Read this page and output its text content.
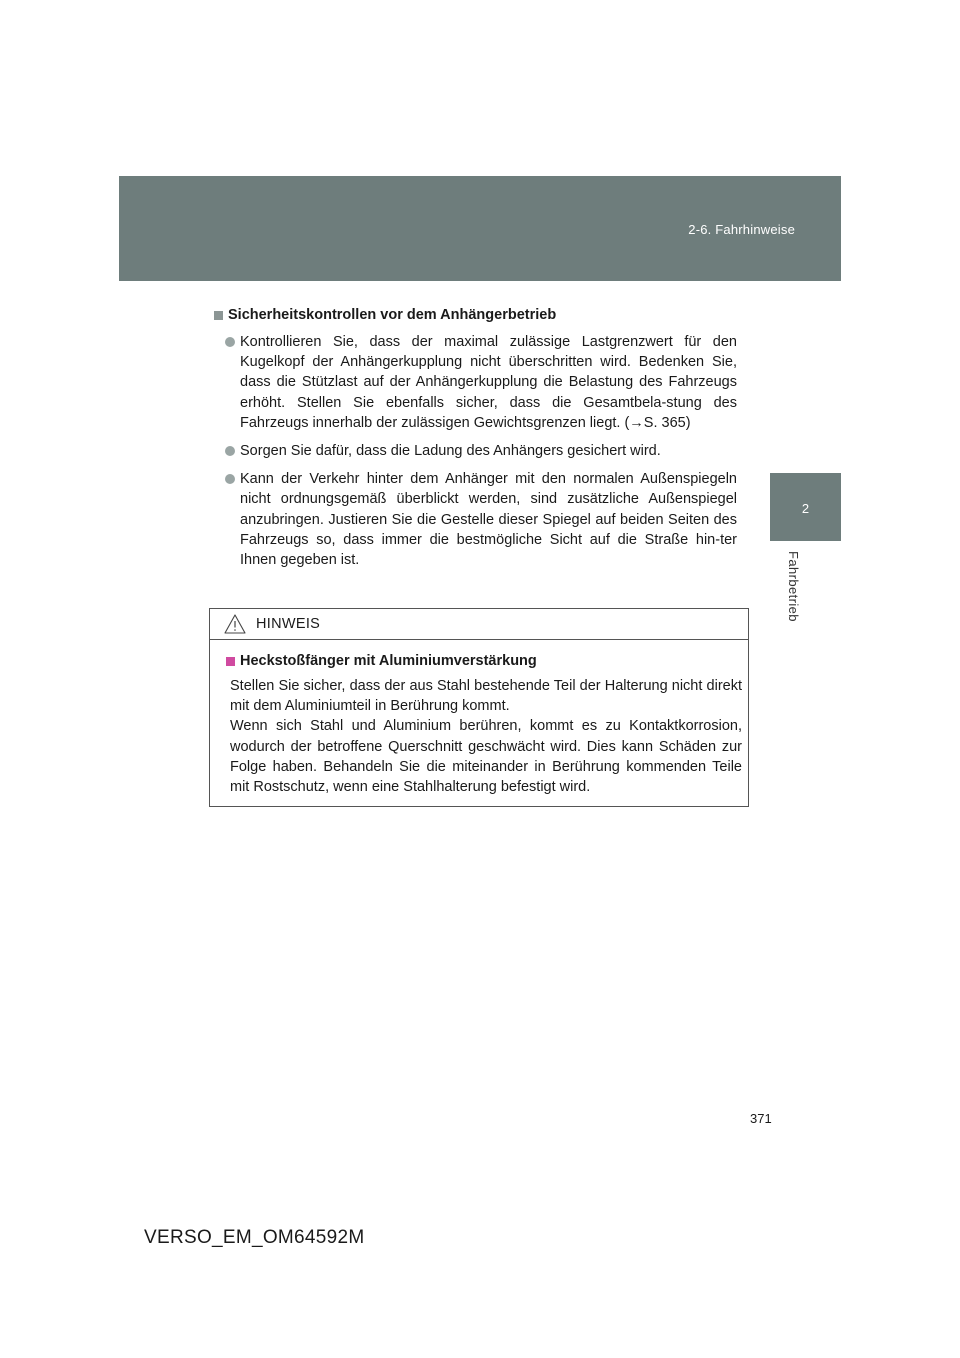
2-6. Fahrhinweise
2
Fahrbetrieb
Sicherheitskontrollen vor dem Anhängerbetrieb
Kontrollieren Sie, dass der maximal zulässige Lastgrenzwert für den Kugelkopf der Anhängerkupplung nicht überschritten wird. Bedenken Sie, dass die Stützlast auf der Anhängerkupplung die Belastung des Fahrzeugs erhöht. Stellen Sie ebenfalls sicher, dass die Gesamtbela-stung des Fahrzeugs innerhalb der zulässigen Gewichtsgrenzen liegt. (→S. 365)
Sorgen Sie dafür, dass die Ladung des Anhängers gesichert wird.
Kann der Verkehr hinter dem Anhänger mit den normalen Außenspiegeln nicht ordnungsgemäß überblickt werden, sind zusätzliche Außenspiegel anzubringen. Justieren Sie die Gestelle dieser Spiegel auf beiden Seiten des Fahrzeugs so, dass immer die bestmögliche Sicht auf die Straße hin-ter Ihnen gegeben ist.
HINWEIS
Heckstoßfänger mit Aluminiumverstärkung

Stellen Sie sicher, dass der aus Stahl bestehende Teil der Halterung nicht direkt mit dem Aluminiumteil in Berührung kommt.

Wenn sich Stahl und Aluminium berühren, kommt es zu Kontaktkorrosion, wodurch der betroffene Querschnitt geschwächt wird. Dies kann Schäden zur Folge haben. Behandeln Sie die miteinander in Berührung kommenden Teile mit Rostschutz, wenn eine Stahlhalterung befestigt wird.

371
VERSO_EM_OM64592M
